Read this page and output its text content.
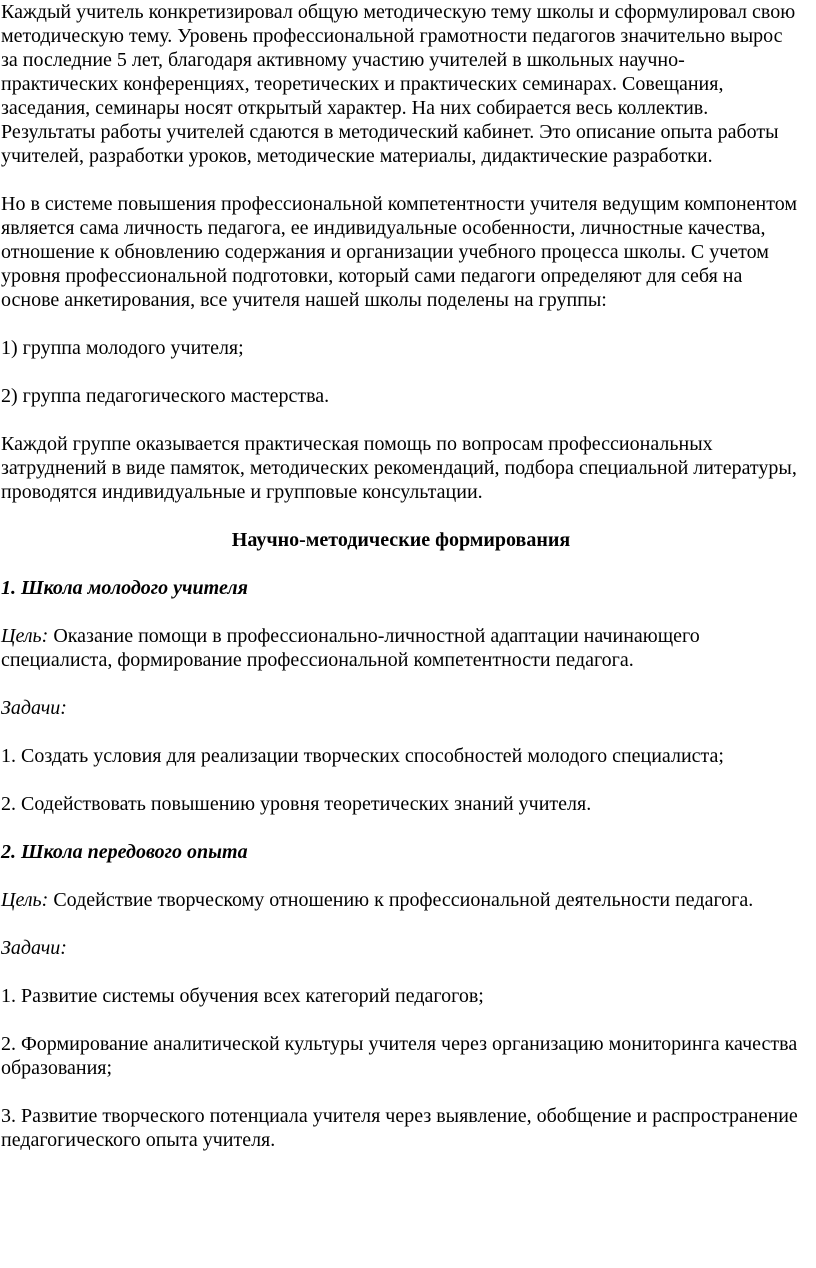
Каждый учитель конкретизировал общую методическую тему школы и сформулировал свою методическую тему. Уровень профессиональной грамотности педагогов значительно вырос за последние 5 лет, благодаря активному участию учителей в школьных научно-практических конференциях, теоретических и практических семинарах. Совещания, заседания, семинары носят открытый характер. На них собирается весь коллектив. Результаты работы учителей сдаются в методический кабинет. Это описание опыта работы учителей, разработки уроков, методические материалы, дидактические разработки.

Но в системе повышения профессиональной компетентности учителя ведущим компонентом является сама личность педагога, ее индивидуальные особенности, личностные качества, отношение к обновлению содержания и организации учебного процесса школы. С учетом уровня профессиональной подготовки, который сами педагоги определяют для себя на основе анкетирования, все учителя нашей школы поделены на группы:

1) группа молодого учителя;

2) группа педагогического мастерства.

Каждой группе оказывается практическая помощь по вопросам профессиональных затруднений в виде памяток, методических рекомендаций, подбора специальной литературы, проводятся индивидуальные и групповые консультации.

Научно-методические формирования

1. Школа молодого учителя

Цель: Оказание помощи в профессионально-личностной адаптации начинающего специалиста, формирование профессиональной компетентности педагога.

Задачи:

1. Создать условия для реализации творческих способностей молодого специалиста;

2. Содействовать повышению уровня теоретических знаний учителя.

2. Школа передового опыта

Цель: Содействие творческому отношению к профессиональной деятельности педагога.

Задачи:

1. Развитие системы обучения всех категорий педагогов;

2. Формирование аналитической культуры учителя через организацию мониторинга качества образования;

3. Развитие творческого потенциала учителя через выявление, обобщение и распространение педагогического опыта учителя.
